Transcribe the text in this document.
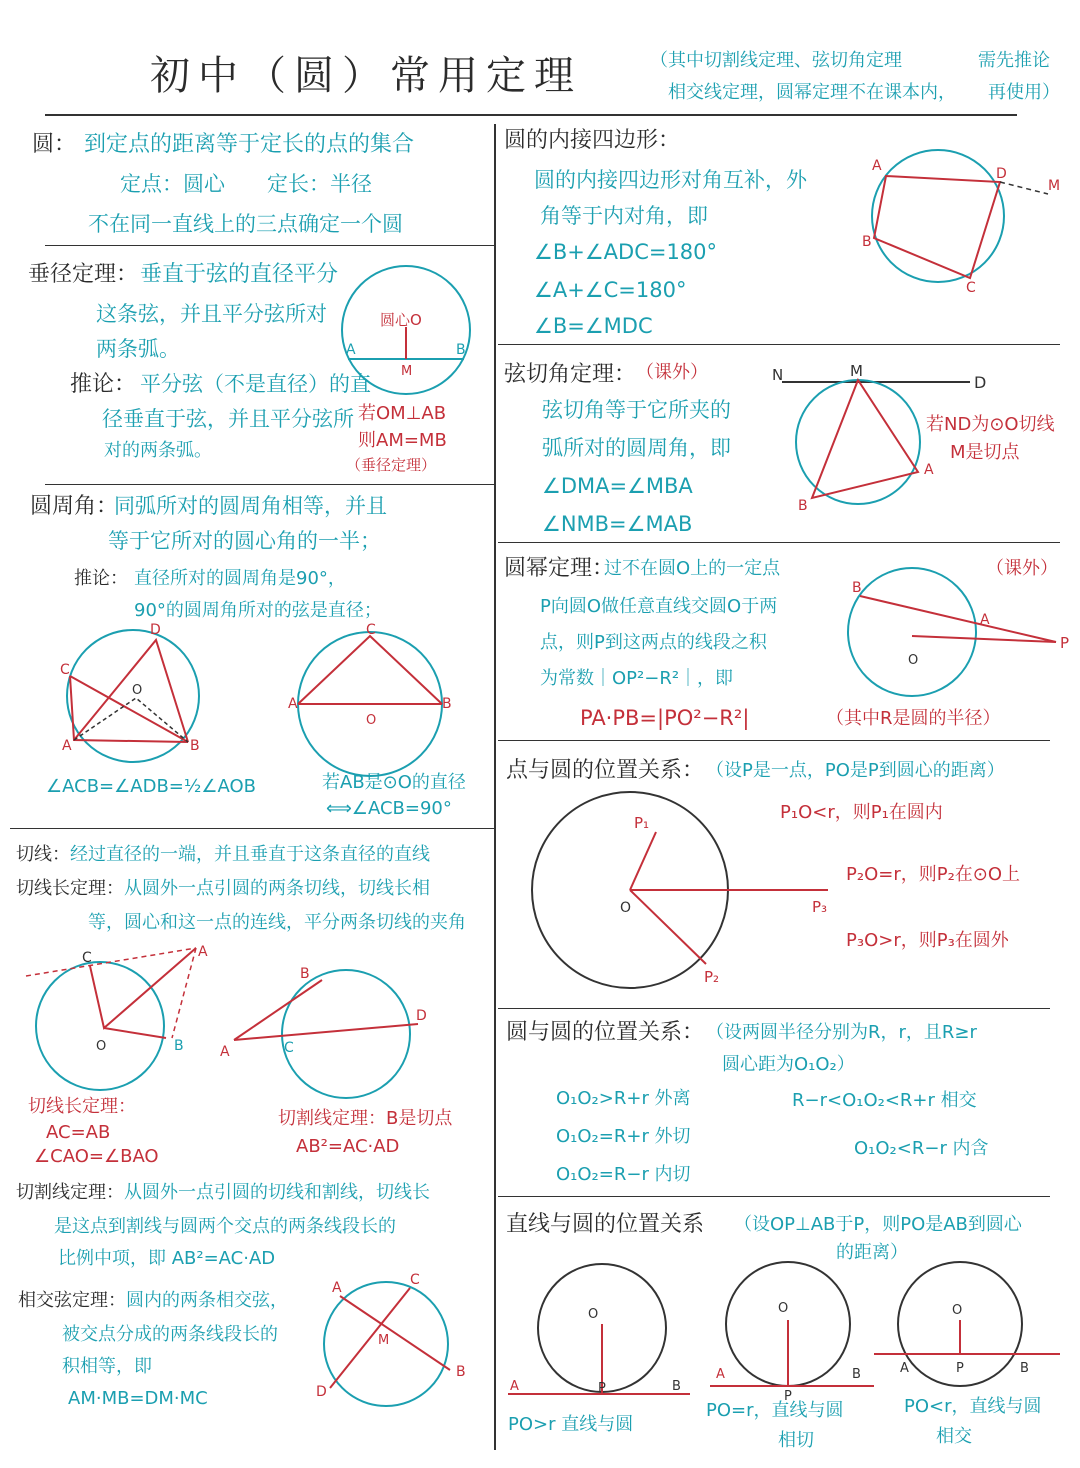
初中（圆）常用定理	（其中切割线定理、弦切角定理
相交线定理，圆幂定理不在课本内，
需先推论
再使用）
圆： 到定点的距离等于定长的点的集合
定点：圆心　　定长：半径
不在同一直线上的三点确定一个圆
垂径定理： 垂直于弦的直径平分
这条弦，并且平分弦所对
两条弧。
推论： 平分弦（不是直径）的直
径垂直于弦，并且平分弦所
对的两条弧。
若OM⊥AB
则AM=MB
（垂径定理）
圆心O
A	B
M
圆周角：
同弧所对的圆周角相等，并且
等于它所对的圆心角的一半；
推论： 直径所对的圆周角是90°，
90°的圆周角所对的弦是直径；
C
D
O
A	B
A	B
C
O
∠ACB=∠ADB=½∠AOB	若AB是⊙O的直径
⟺∠ACB=90°
切线： 经过直径的一端，并且垂直于这条直径的直线
切线长定理： 从圆外一点引圆的两条切线，切线长相
等，圆心和这一点的连线，平分两条切线的夹角
C	A
O	B
B
A	C
D
切线长定理：
AC=AB
∠CAO=∠BAO
切割线定理：B是切点
AB²=AC·AD
切割线定理： 从圆外一点引圆的切线和割线，切线长
是这点到割线与圆两个交点的两条线段长的
比例中项，即 AB²=AC·AD
相交弦定理： 圆内的两条相交弦，
被交点分成的两条线段长的
积相等，即
AM·MB=DM·MC
A	C
M
B
D
圆的内接四边形：
圆的内接四边形对角互补，外
角等于内对角，即
∠B+∠ADC=180°
∠A+∠C=180°
∠B=∠MDC
A	D
M
B
C
弦切角定理： （课外）
弦切角等于它所夹的
弧所对的圆周角，即
∠DMA=∠MBA
∠NMB=∠MAB
若ND为⊙O切线
M是切点
N	M
D
A
B
圆幂定理：
过不在圆O上的一定点	（课外）
P向圆O做任意直线交圆O于两
点，则P到这两点的线段之积
为常数｜OP²−R²｜，即
PA·PB=|PO²−R²|	（其中R是圆的半径）
B
A
P
O
点与圆的位置关系： （设P是一点，PO是P到圆心的距离）
P₁O<r，则P₁在圆内
P₂O=r，则P₂在⊙O上
P₃O>r，则P₃在圆外
P₁
P₂
P₃
O
圆与圆的位置关系： （设两圆半径分别为R，r，且R≥r
圆心距为O₁O₂）
O₁O₂>R+r 外离
O₁O₂=R+r 外切
O₁O₂=R−r 内切
R−r<O₁O₂<R+r 相交
O₁O₂<R−r 内含
直线与圆的位置关系 （设OP⊥AB于P，则PO是AB到圆心
的距离）
O
A	B
P
O
A	B
P
O
A	B
P
PO>r 直线与圆
PO=r，直线与圆
相切
PO<r，直线与圆
相交
